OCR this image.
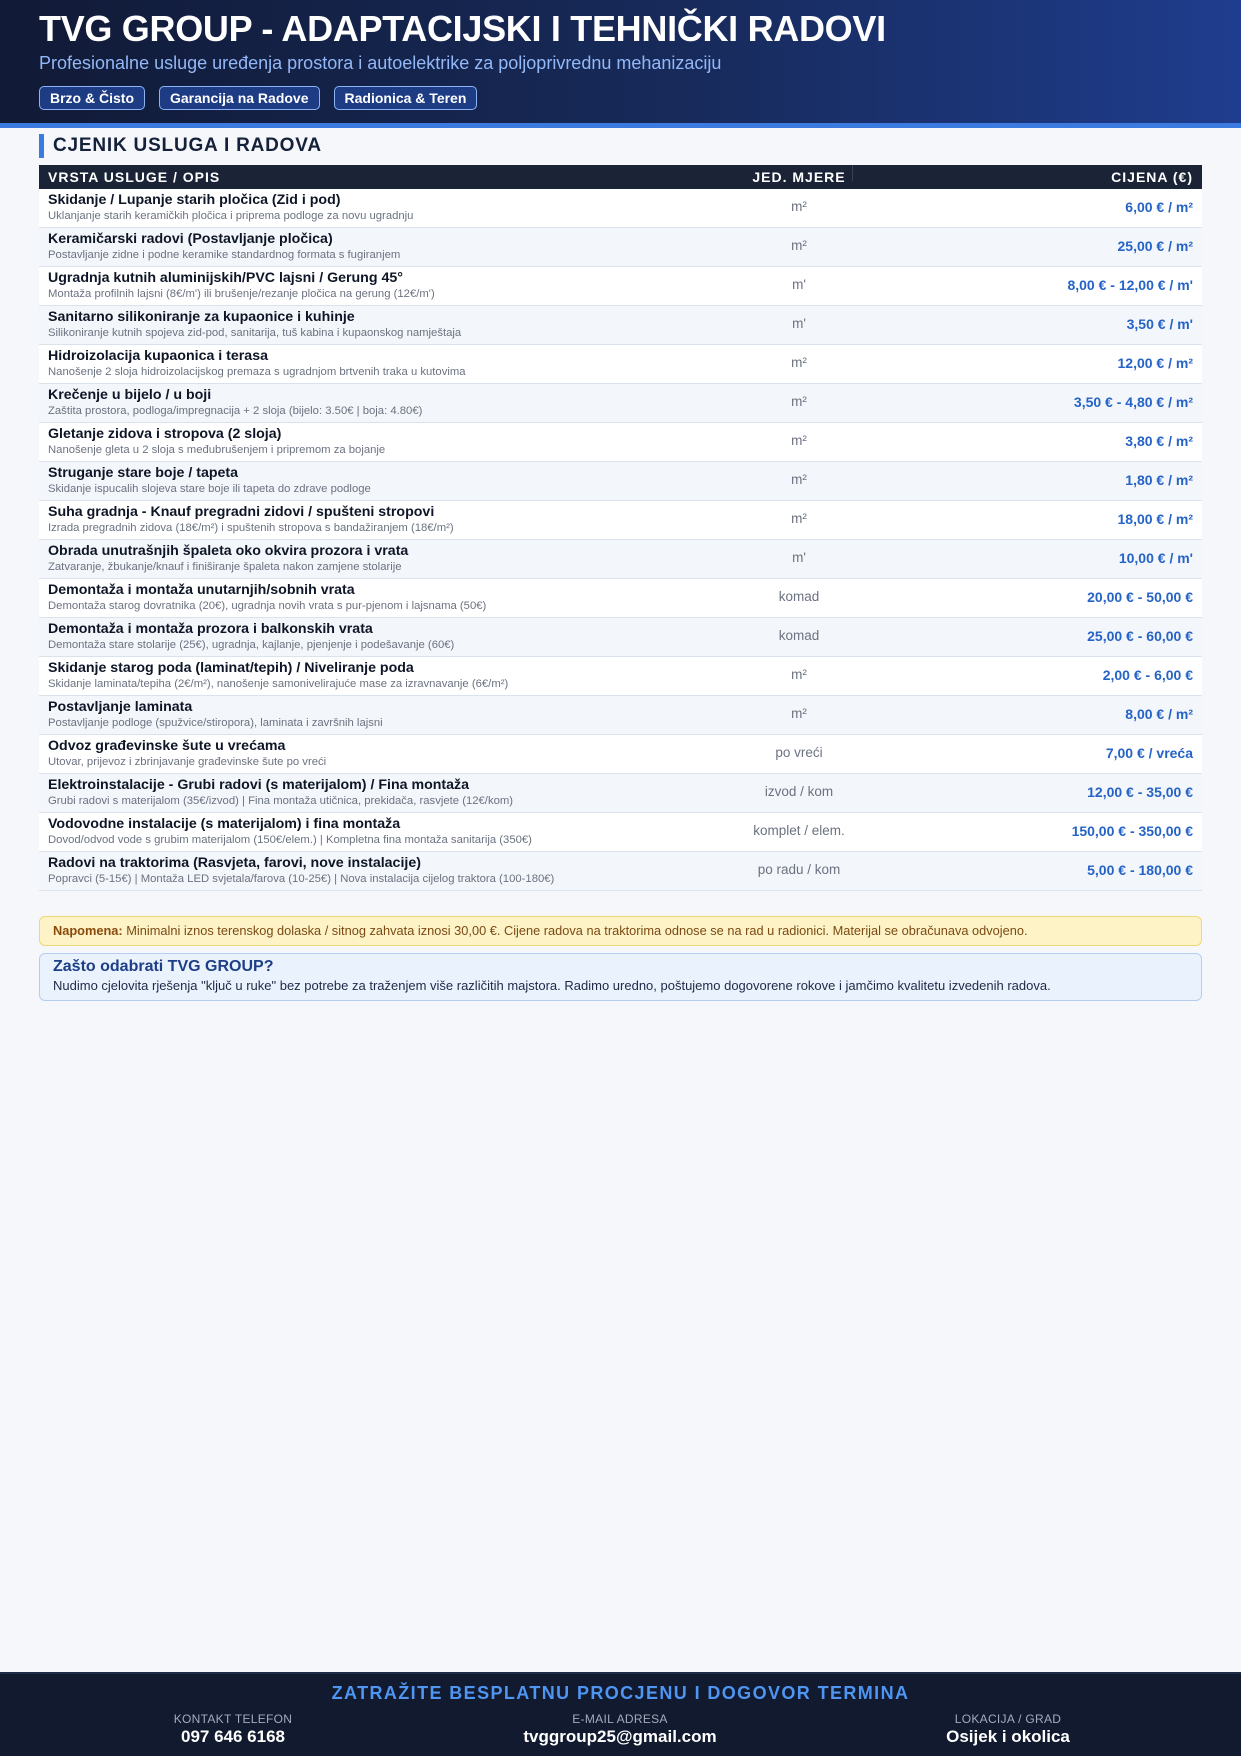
TVG GROUP - ADAPTACIJSKI I TEHNIČKI RADOVI
Profesionalne usluge uređenja prostora i autoelektrike za poljoprivrednu mehanizaciju
Brzo & Čisto	Garancija na Radove	Radionica & Teren
CJENIK USLUGA I RADOVA
VRSTA USLUGE / OPIS	JED. MJERE	CIJENA (€)
Skidanje / Lupanje starih pločica (Zid i pod)
Uklanjanje starih keramičkih pločica i priprema podloge za novu ugradnju
m²	6,00 € / m²
Keramičarski radovi (Postavljanje pločica)
Postavljanje zidne i podne keramike standardnog formata s fugiranjem
m²	25,00 € / m²
Ugradnja kutnih aluminijskih/PVC lajsni / Gerung 45°
Montaža profilnih lajsni (8€/m') ili brušenje/rezanje pločica na gerung (12€/m')
m'	8,00 € - 12,00 € / m'
Sanitarno silikoniranje za kupaonice i kuhinje
Silikoniranje kutnih spojeva zid-pod, sanitarija, tuš kabina i kupaonskog namještaja
m'	3,50 € / m'
Hidroizolacija kupaonica i terasa
Nanošenje 2 sloja hidroizolacijskog premaza s ugradnjom brtvenih traka u kutovima
m²	12,00 € / m²
Krečenje u bijelo / u boji
Zaštita prostora, podloga/impregnacija + 2 sloja (bijelo: 3.50€ | boja: 4.80€)
m²	3,50 € - 4,80 € / m²
Gletanje zidova i stropova (2 sloja)
Nanošenje gleta u 2 sloja s međubrušenjem i pripremom za bojanje
m²	3,80 € / m²
Struganje stare boje / tapeta
Skidanje ispucalih slojeva stare boje ili tapeta do zdrave podloge
m²	1,80 € / m²
Suha gradnja - Knauf pregradni zidovi / spušteni stropovi
Izrada pregradnih zidova (18€/m²) i spuštenih stropova s bandažiranjem (18€/m²)
m²	18,00 € / m²
Obrada unutrašnjih špaleta oko okvira prozora i vrata
Zatvaranje, žbukanje/knauf i finiširanje špaleta nakon zamjene stolarije
m'	10,00 € / m'
Demontaža i montaža unutarnjih/sobnih vrata
Demontaža starog dovratnika (20€), ugradnja novih vrata s pur-pjenom i lajsnama (50€)
komad	20,00 € - 50,00 €
Demontaža i montaža prozora i balkonskih vrata
Demontaža stare stolarije (25€), ugradnja, kajlanje, pjenjenje i podešavanje (60€)
komad	25,00 € - 60,00 €
Skidanje starog poda (laminat/tepih) / Niveliranje poda
Skidanje laminata/tepiha (2€/m²), nanošenje samonivelirajuće mase za izravnavanje (6€/m²)
m²	2,00 € - 6,00 €
Postavljanje laminata
Postavljanje podloge (spužvice/stiropora), laminata i završnih lajsni
m²	8,00 € / m²
Odvoz građevinske šute u vrećama
Utovar, prijevoz i zbrinjavanje građevinske šute po vreći
po vreći	7,00 € / vreća
Elektroinstalacije - Grubi radovi (s materijalom) / Fina montaža
Grubi radovi s materijalom (35€/izvod) | Fina montaža utičnica, prekidača, rasvjete (12€/kom)
izvod / kom	12,00 € - 35,00 €
Vodovodne instalacije (s materijalom) i fina montaža
Dovod/odvod vode s grubim materijalom (150€/elem.) | Kompletna fina montaža sanitarija (350€)
komplet / elem.	150,00 € - 350,00 €
Radovi na traktorima (Rasvjeta, farovi, nove instalacije)
Popravci (5-15€) | Montaža LED svjetala/farova (10-25€) | Nova instalacija cijelog traktora (100-180€)
po radu / kom	5,00 € - 180,00 €
Napomena: Minimalni iznos terenskog dolaska / sitnog zahvata iznosi 30,00 €. Cijene radova na traktorima odnose se na rad u radionici. Materijal se obračunava odvojeno.
Zašto odabrati TVG GROUP?
Nudimo cjelovita rješenja "ključ u ruke" bez potrebe za traženjem više različitih majstora. Radimo uredno, poštujemo dogovorene rokove i jamčimo kvalitetu izvedenih radova.
ZATRAŽITE BESPLATNU PROCJENU I DOGOVOR TERMINA
KONTAKT TELEFON
097 646 6168
E-MAIL ADRESA
tvggroup25@gmail.com
LOKACIJA / GRAD
Osijek i okolica
